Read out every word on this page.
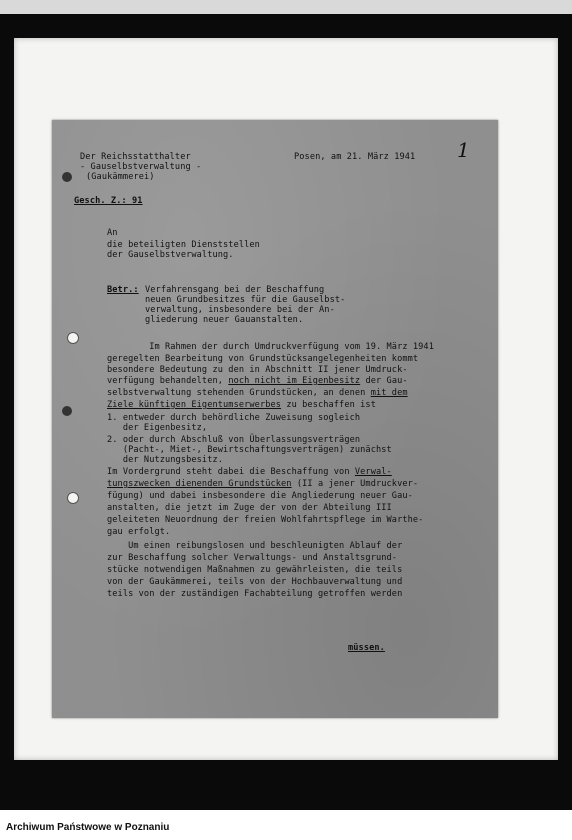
1
Der Reichsstatthalter
- Gauselbstverwaltung -
(Gaukämmerei)
Posen, am 21. März 1941
Gesch. Z.: 91
An
die beteiligten Dienststellen
der Gauselbstverwaltung.
Betr.: Verfahrensgang bei der Beschaffung
neuen Grundbesitzes für die Gauselbst-
verwaltung, insbesondere bei der An-
gliederung neuer Gauanstalten.
Im Rahmen der durch Umdruckverfügung vom 19. März 1941
geregelten Bearbeitung von Grundstücksangelegenheiten kommt
besondere Bedeutung zu den in Abschnitt II jener Umdruck-
verfügung behandelten, noch nicht im Eigenbesitz der Gau-
selbstverwaltung stehenden Grundstücken, an denen mit dem
Ziele künftigen Eigentumserwerbes zu beschaffen ist
1. entweder durch behördliche Zuweisung sogleich
der Eigenbesitz,
2. oder durch Abschluß von Überlassungsverträgen
(Pacht-, Miet-, Bewirtschaftungsverträgen) zunächst
der Nutzungsbesitz.
Im Vordergrund steht dabei die Beschaffung von Verwal-
tungszwecken dienenden Grundstücken (II a jener Umdruckver-
fügung) und dabei insbesondere die Angliederung neuer Gau-
anstalten, die jetzt im Zuge der von der Abteilung III
geleiteten Neuordnung der freien Wohlfahrtspflege im Warthe-
gau erfolgt.
Um einen reibungslosen und beschleunigten Ablauf der
zur Beschaffung solcher Verwaltungs- und Anstaltsgrund-
stücke notwendigen Maßnahmen zu gewährleisten, die teils
von der Gaukämmerei, teils von der Hochbauverwaltung und
teils von der zuständigen Fachabteilung getroffen werden
müssen.
Archiwum Państwowe w Poznaniu
